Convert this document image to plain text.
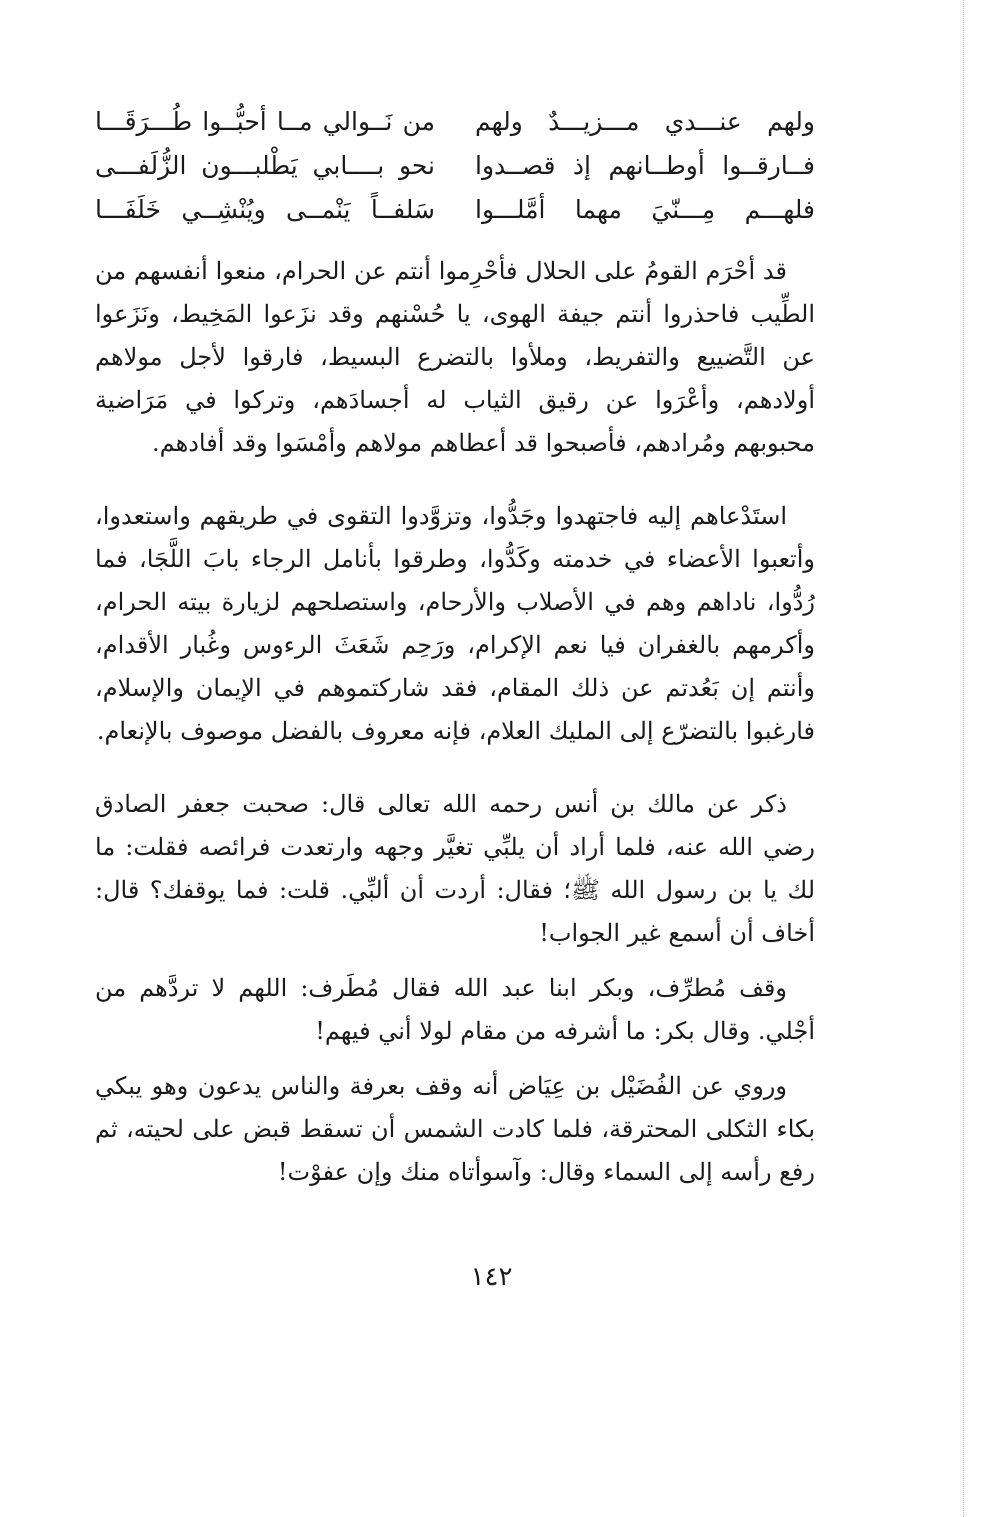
ولهم عنـــدي مـــزيـــدٌ ولهم
من نَــوالي مــا أحبُّــوا طُـــرَقَـــا
فــارقــوا أوطــانهم إذ قصــدوا
نحو بــــابي يَطْلبـــون الزُّلَفـــى
فلهـــم مِـــنّيَ مهما أمَّلـــوا
سَلفــاً يَنْمــى ويُنْشِــي خَلَفَـــا

قد أحْرَم القومُ على الحلال فأحْرِموا أنتم عن الحرام، منعوا أنفسهم من الطِّيب فاحذروا أنتم جيفة الهوى، يا حُسْنهم وقد نزَعوا المَخِيط، ونَزَعوا عن التَّضييع والتفريط، وملأوا بالتضرع البسيط، فارقوا لأجل مولاهم أولادهم، وأعْرَوا عن رقيق الثياب له أجسادَهم، وتركوا في مَرَاضية محبوبهم ومُرادهم، فأصبحوا قد أعطاهم مولاهم وأمْسَوا وقد أفادهم.

استَدْعاهم إليه فاجتهدوا وجَدُّوا، وتزوَّدوا التقوى في طريقهم واستعدوا، وأتعبوا الأعضاء في خدمته وكَدُّوا، وطرقوا بأنامل الرجاء بابَ اللَّجَا، فما رُدُّوا، ناداهم وهم في الأصلاب والأرحام، واستصلحهم لزيارة بيته الحرام، وأكرمهم بالغفران فيا نعم الإكرام، ورَحِم شَعَثَ الرءوس وغُبار الأقدام، وأنتم إن بَعُدتم عن ذلك المقام، فقد شاركتموهم في الإيمان والإسلام، فارغبوا بالتضرّع إلى المليك العلام، فإنه معروف بالفضل موصوف بالإنعام.

ذكر عن مالك بن أنس رحمه الله تعالى قال: صحبت جعفر الصادق رضي الله عنه، فلما أراد أن يلبِّي تغيَّر وجهه وارتعدت فرائصه فقلت: ما لك يا بن رسول الله ﷺ؛ فقال: أردت أن ألبِّي. قلت: فما يوقفك؟ قال: أخاف أن أسمع غير الجواب!

وقف مُطرِّف، وبكر ابنا عبد الله فقال مُطَرف: اللهم لا تردَّهم من أجْلي. وقال بكر: ما أشرفه من مقام لولا أني فيهم!

وروي عن الفُضَيْل بن عِيَاض أنه وقف بعرفة والناس يدعون وهو يبكي بكاء الثكلى المحترقة، فلما كادت الشمس أن تسقط قبض على لحيته، ثم رفع رأسه إلى السماء وقال: وآسوأتاه منك وإن عفوْت!

١٤٢
